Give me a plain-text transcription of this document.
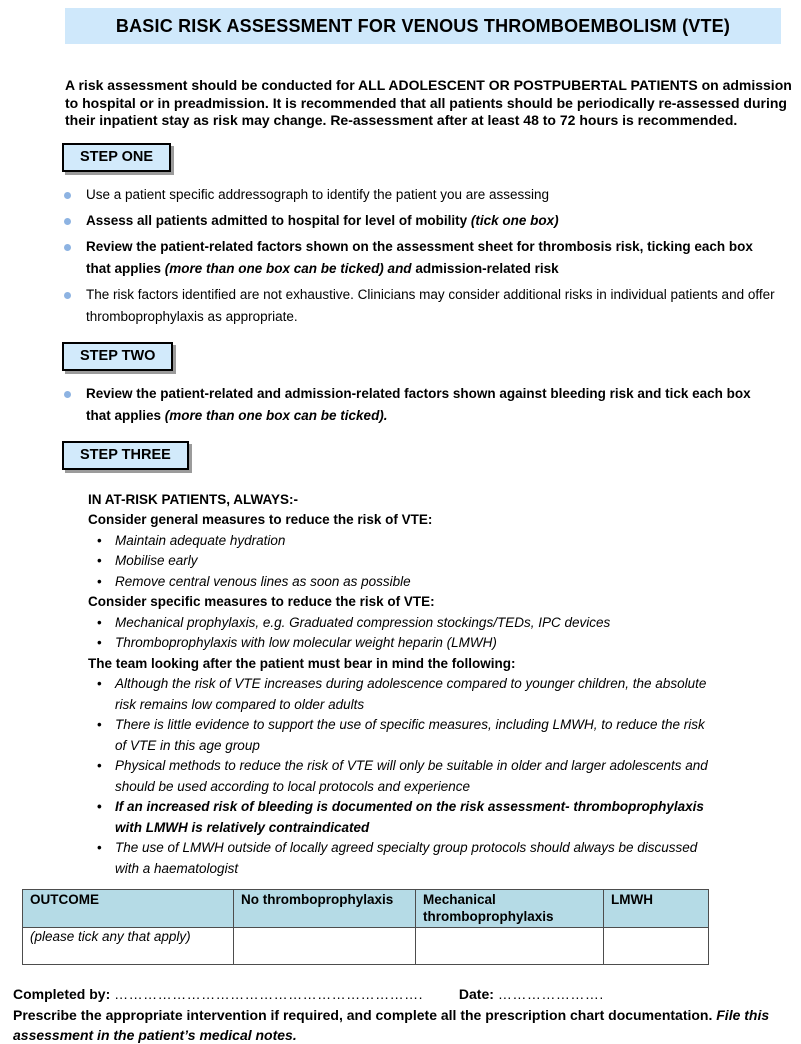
BASIC RISK ASSESSMENT FOR VENOUS THROMBOEMBOLISM (VTE)

A risk assessment should be conducted for ALL ADOLESCENT OR POSTPUBERTAL PATIENTS on admission to hospital or in preadmission. It is recommended that all patients should be periodically re-assessed during their inpatient stay as risk may change. Re-assessment after at least 48 to 72 hours is recommended.

STEP ONE
Use a patient specific addressograph to identify the patient you are assessing
Assess all patients admitted to hospital for level of mobility (tick one box)
Review the patient-related factors shown on the assessment sheet for thrombosis risk, ticking each box that applies (more than one box can be ticked) and admission-related risk
The risk factors identified are not exhaustive. Clinicians may consider additional risks in individual patients and offer thromboprophylaxis as appropriate.
STEP TWO
Review the patient-related and admission-related factors shown against bleeding risk and tick each box that applies (more than one box can be ticked).
STEP THREE
IN AT-RISK PATIENTS, ALWAYS:-
Consider general measures to reduce the risk of VTE:
• Maintain adequate hydration
• Mobilise early
• Remove central venous lines as soon as possible
Consider specific measures to reduce the risk of VTE:
• Mechanical prophylaxis, e.g. Graduated compression stockings/TEDs, IPC devices
• Thromboprophylaxis with low molecular weight heparin (LMWH)
The team looking after the patient must bear in mind the following:
• Although the risk of VTE increases during adolescence compared to younger children, the absolute risk remains low compared to older adults
• There is little evidence to support the use of specific measures, including LMWH, to reduce the risk of VTE in this age group
• Physical methods to reduce the risk of VTE will only be suitable in older and larger adolescents and should be used according to local protocols and experience
• If an increased risk of bleeding is documented on the risk assessment- thromboprophylaxis with LMWH is relatively contraindicated
• The use of LMWH outside of locally agreed specialty group protocols should always be discussed with a haematologist
OUTCOME	No thromboprophylaxis	Mechanical thromboprophylaxis	LMWH
(please tick any that apply)			
Completed by: ……………………………………………………….	Date: ………………….
Prescribe the appropriate intervention if required, and complete all the prescription chart documentation. File this assessment in the patient’s medical notes.
